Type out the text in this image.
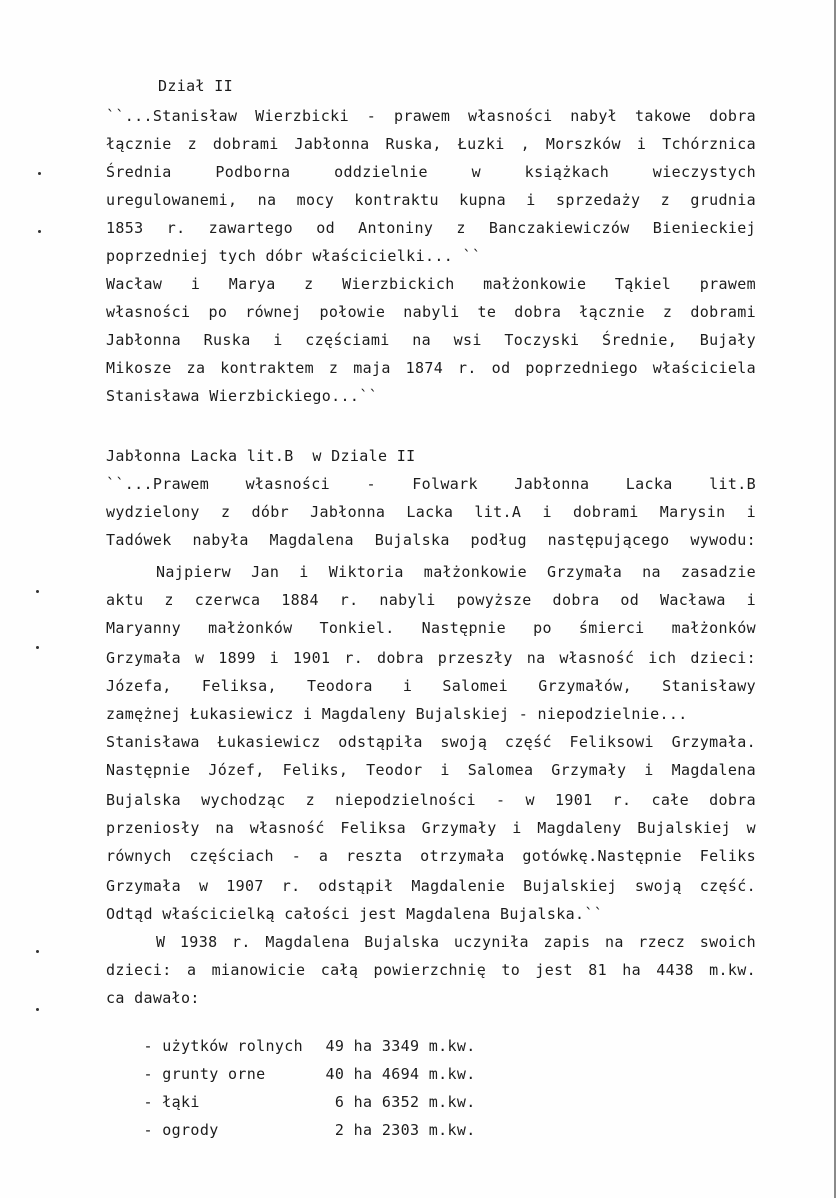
Dział II
``...Stanisław Wierzbicki - prawem własności nabył takowe dobra
łącznie z dobrami Jabłonna Ruska, Łuzki , Morszków i Tchórznica
Średnia Podborna oddzielnie w książkach wieczystych
uregulowanemi, na mocy kontraktu kupna i sprzedaży z grudnia
1853 r. zawartego od Antoniny z Banczakiewiczów Bienieckiej
poprzedniej tych dóbr właścicielki... ``
Wacław i Marya z Wierzbickich małżonkowie Tąkiel prawem
własności po równej połowie nabyli te dobra łącznie z dobrami
Jabłonna Ruska i częściami na wsi Toczyski Średnie, Bujały
Mikosze za kontraktem z maja 1874 r. od poprzedniego właściciela
Stanisława Wierzbickiego...``
Jabłonna Lacka lit.B  w Dziale II
``...Prawem własności - Folwark Jabłonna Lacka lit.B
wydzielony z dóbr Jabłonna Lacka lit.A i dobrami Marysin i
Tadówek nabyła Magdalena Bujalska podług następującego wywodu:
Najpierw Jan i Wiktoria małżonkowie Grzymała na zasadzie
aktu z czerwca 1884 r. nabyli powyższe dobra od Wacława i
Maryanny małżonków Tonkiel. Następnie po śmierci małżonków
Grzymała w 1899 i 1901 r. dobra przeszły na własność ich dzieci:
Józefa, Feliksa, Teodora i Salomei Grzymałów, Stanisławy
zamężnej Łukasiewicz i Magdaleny Bujalskiej - niepodzielnie...
Stanisława Łukasiewicz odstąpiła swoją część Feliksowi Grzymała.
Następnie Józef, Feliks, Teodor i Salomea Grzymały i Magdalena
Bujalska wychodząc z niepodzielności - w 1901 r. całe dobra
przeniosły na własność Feliksa Grzymały i Magdaleny Bujalskiej w
równych częściach - a reszta otrzymała gotówkę.Następnie Feliks
Grzymała w 1907 r. odstąpił Magdalenie Bujalskiej swoją część.
Odtąd właścicielką całości jest Magdalena Bujalska.``
W 1938 r. Magdalena Bujalska uczyniła zapis na rzecz swoich
dzieci: a mianowicie całą powierzchnię to jest 81 ha 4438 m.kw.
ca dawało:

- użytków rolnych 49 ha 3349 m.kw.

- grunty orne	40 ha 4694 m.kw.

- łąki	6 ha 6352 m.kw.

- ogrody	2 ha 2303 m.kw.
